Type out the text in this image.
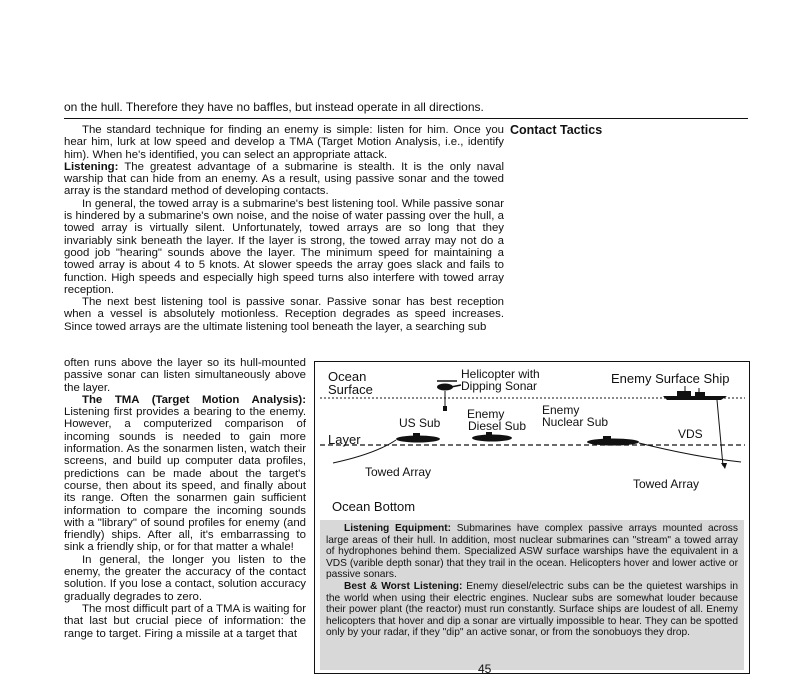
on the hull. Therefore they have no baffles, but instead operate in all directions.
Contact Tactics

The standard technique for finding an enemy is simple: listen for him. Once you hear him, lurk at low speed and develop a TMA (Target Motion Analysis, i.e., identify him). When he's identified, you can select an appropriate attack.

Listening: The greatest advantage of a submarine is stealth. It is the only naval warship that can hide from an enemy. As a result, using passive sonar and the towed array is the standard method of developing contacts.

In general, the towed array is a submarine's best listening tool. While passive sonar is hindered by a submarine's own noise, and the noise of water passing over the hull, a towed array is virtually silent. Unfortunately, towed arrays are so long that they invariably sink beneath the layer. If the layer is strong, the towed array may not do a good job "hearing" sounds above the layer. The minimum speed for maintaining a towed array is about 4 to 5 knots. At slower speeds the array goes slack and fails to function. High speeds and especially high speed turns also interfere with towed array reception.

The next best listening tool is passive sonar. Passive sonar has best reception when a vessel is absolutely motionless. Reception degrades as speed increases. Since towed arrays are the ultimate listening tool beneath the layer, a searching sub

often runs above the layer so its hull-mounted passive sonar can listen simultaneously above the layer.

The TMA (Target Motion Analysis): Listening first provides a bearing to the enemy. However, a computerized comparison of incoming sounds is needed to gain more information. As the sonarmen listen, watch their screens, and build up computer data profiles, predictions can be made about the target's course, then about its speed, and finally about its range. Often the sonarmen gain sufficient information to compare the incoming sounds with a "library" of sound profiles for enemy (and friendly) ships. After all, it's embarrassing to sink a friendly ship, or for that matter a whale!

In general, the longer you listen to the enemy, the greater the accuracy of the contact solution. If you lose a contact, solution accuracy gradually degrades to zero.

The most difficult part of a TMA is waiting for that last but crucial piece of information: the range to target. Firing a missile at a target that

Ocean
Surface
Helicopter with
Dipping Sonar	Enemy Surface Ship
Enemy
Diesel Sub
US Sub
Enemy
Nuclear Sub
Layer	VDS
Towed Array
Towed Array
Ocean Bottom

Listening Equipment: Submarines have complex passive arrays mounted across large areas of their hull. In addition, most nuclear submarines can "stream" a towed array of hydrophones behind them. Specialized ASW surface warships have the equivalent in a VDS (varible depth sonar) that they trail in the ocean. Helicopters hover and lower active or passive sonars.

Best & Worst Listening: Enemy diesel/electric subs can be the quietest warships in the world when using their electric engines. Nuclear subs are somewhat louder because their power plant (the reactor) must run constantly. Surface ships are loudest of all. Enemy helicopters that hover and dip a sonar are virtually impossible to hear. They can be spotted only by your radar, if they "dip" an active sonar, or from the sonobuoys they drop.

45
